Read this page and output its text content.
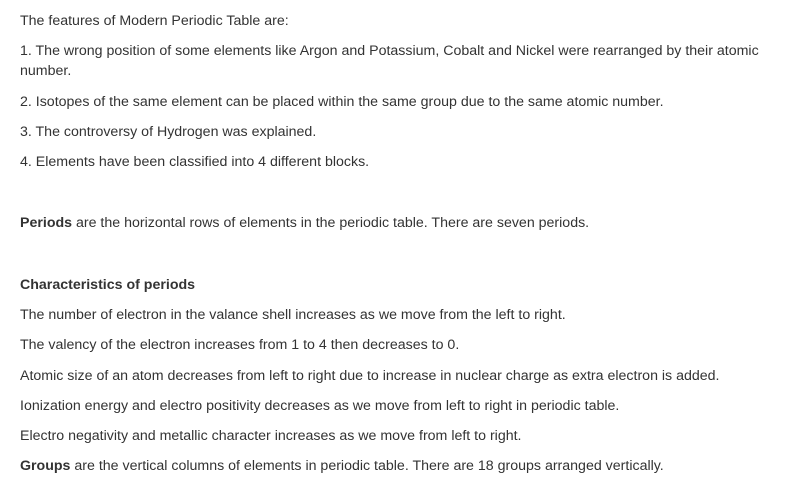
The features of Modern Periodic Table are:

1. The wrong position of some elements like Argon and Potassium, Cobalt and Nickel were rearranged by their atomic number.

2. Isotopes of the same element can be placed within the same group due to the same atomic number.

3. The controversy of Hydrogen was explained.

4. Elements have been classified into 4 different blocks.

Periods are the horizontal rows of elements in the periodic table. There are seven periods.

Characteristics of periods

The number of electron in the valance shell increases as we move from the left to right.

The valency of the electron increases from 1 to 4 then decreases to 0.

Atomic size of an atom decreases from left to right due to increase in nuclear charge as extra electron is added.

Ionization energy and electro positivity decreases as we move from left to right in periodic table.

Electro negativity and metallic character increases as we move from left to right.

Groups are the vertical columns of elements in periodic table. There are 18 groups arranged vertically.
